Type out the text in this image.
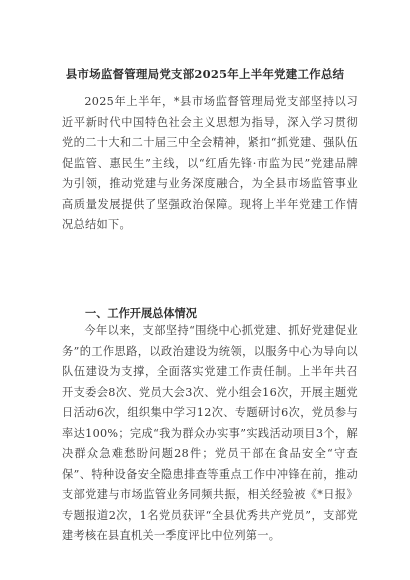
县市场监督管理局党支部2025年上半年党建工作总结

2025年上半年，*县市场监督管理局党支部坚持以习近平新时代中国特色社会主义思想为指导，深入学习贯彻党的二十大和二十届三中全会精神，紧扣“抓党建、强队伍促监管、惠民生”主线，以“红盾先锋·市监为民”党建品牌为引领，推动党建与业务深度融合，为全县市场监管事业高质量发展提供了坚强政治保障。现将上半年党建工作情况总结如下。

一、工作开展总体情况

今年以来，支部坚持“围绕中心抓党建、抓好党建促业务”的工作思路，以政治建设为统领，以服务中心为导向以队伍建设为支撑，全面落实党建工作责任制。上半年共召开支委会8次、党员大会3次、党小组会16次，开展主题党日活动6次，组织集中学习12次、专题研讨6次，党员参与率达100%；完成“我为群众办实事”实践活动项目3个，解决群众急难愁盼问题28件；党员干部在食品安全“守查保”、特种设备安全隐患排查等重点工作中冲锋在前，推动支部党建与市场监管业务同频共振，相关经验被《*日报》专题报道2次，1名党员获评“全县优秀共产党员”，支部党建考核在县直机关一季度评比中位列第一。
